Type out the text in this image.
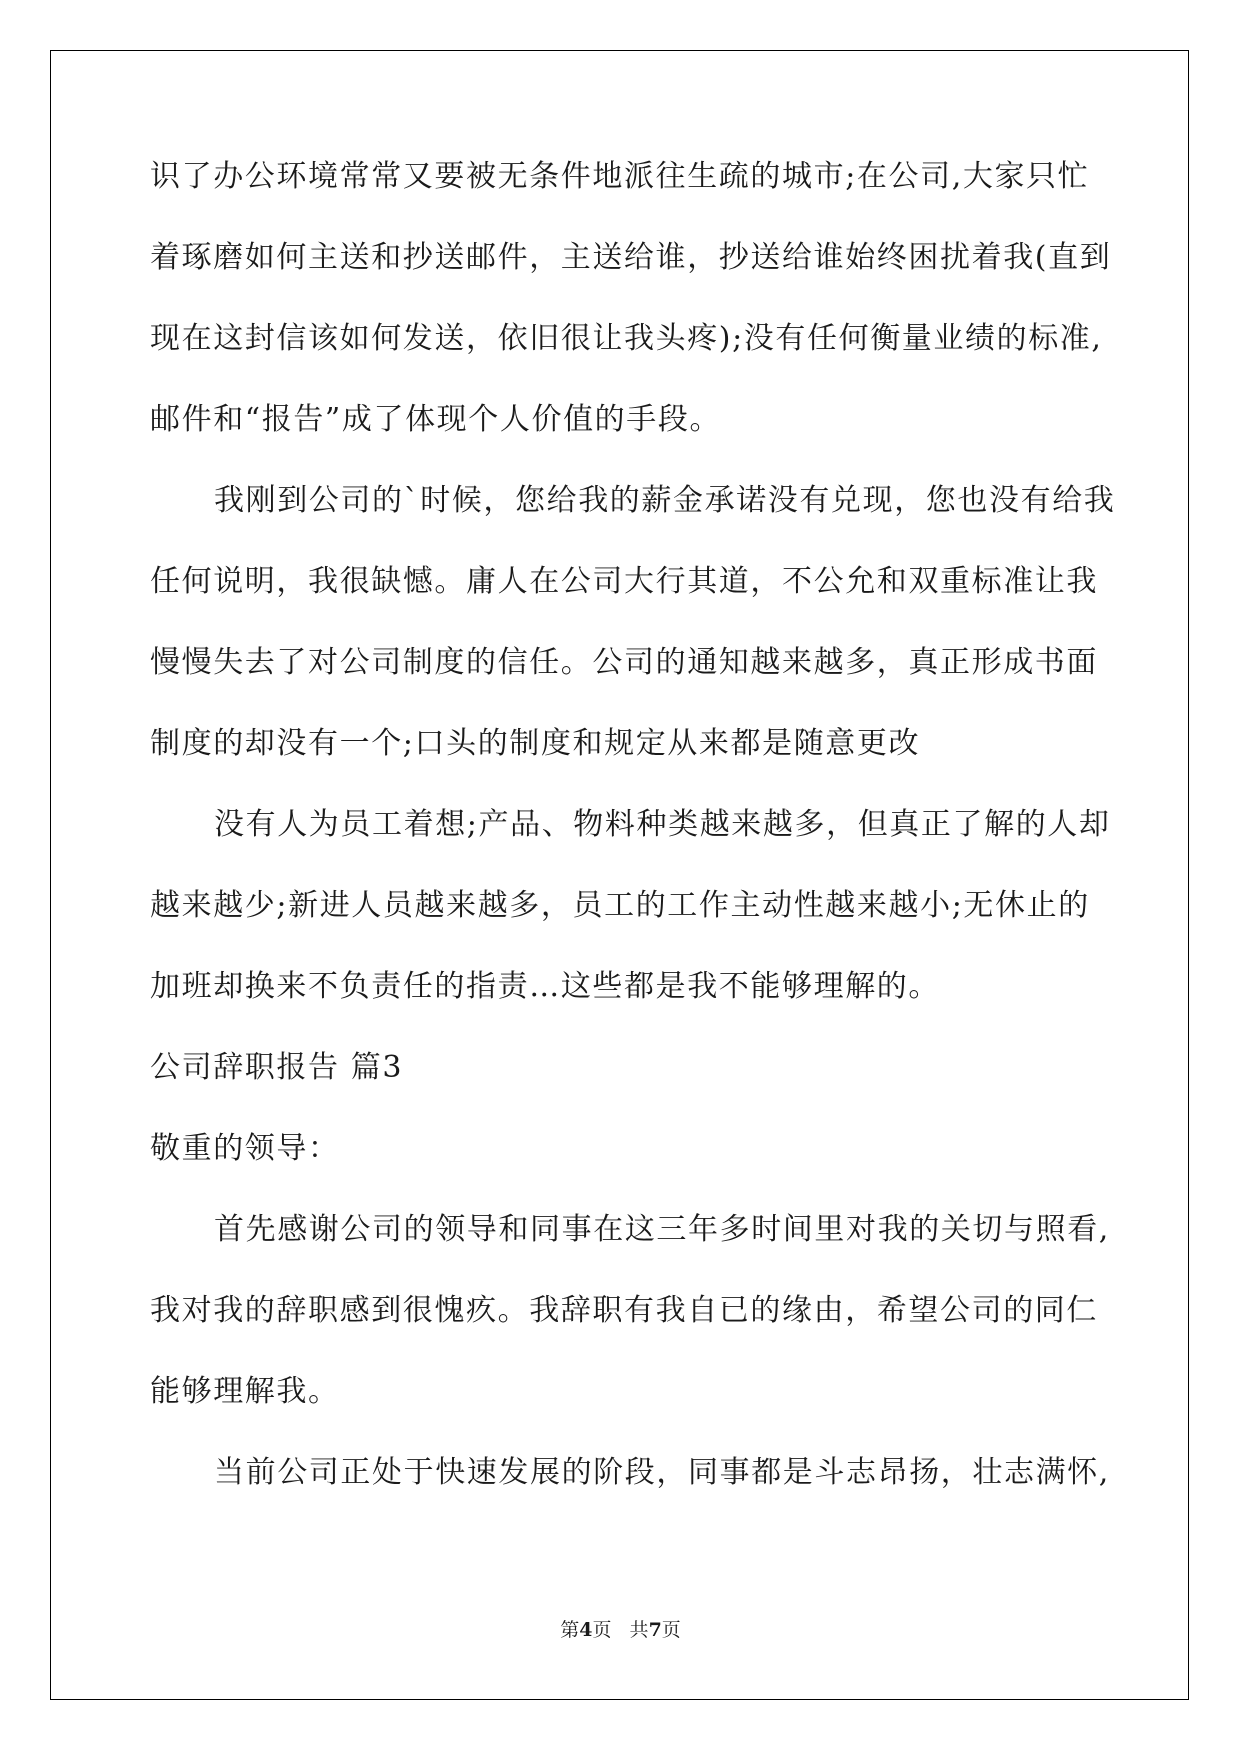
识了办公环境常常又要被无条件地派往生疏的城市;在公司,大家只忙

着琢磨如何主送和抄送邮件，主送给谁，抄送给谁始终困扰着我(直到

现在这封信该如何发送，依旧很让我头疼);没有任何衡量业绩的标准,

邮件和“报告”成了体现个人价值的手段。

我刚到公司的`时候，您给我的薪金承诺没有兑现，您也没有给我

任何说明，我很缺憾。庸人在公司大行其道，不公允和双重标准让我

慢慢失去了对公司制度的信任。公司的通知越来越多，真正形成书面

制度的却没有一个;口头的制度和规定从来都是随意更改

没有人为员工着想;产品、物料种类越来越多，但真正了解的人却

越来越少;新进人员越来越多，员工的工作主动性越来越小;无休止的

加班却换来不负责任的指责…这些都是我不能够理解的。

公司辞职报告 篇3

敬重的领导：

首先感谢公司的领导和同事在这三年多时间里对我的关切与照看,

我对我的辞职感到很愧疚。我辞职有我自已的缘由，希望公司的同仁

能够理解我。

当前公司正处于快速发展的阶段，同事都是斗志昂扬，壮志满怀,

第4页   共7页
